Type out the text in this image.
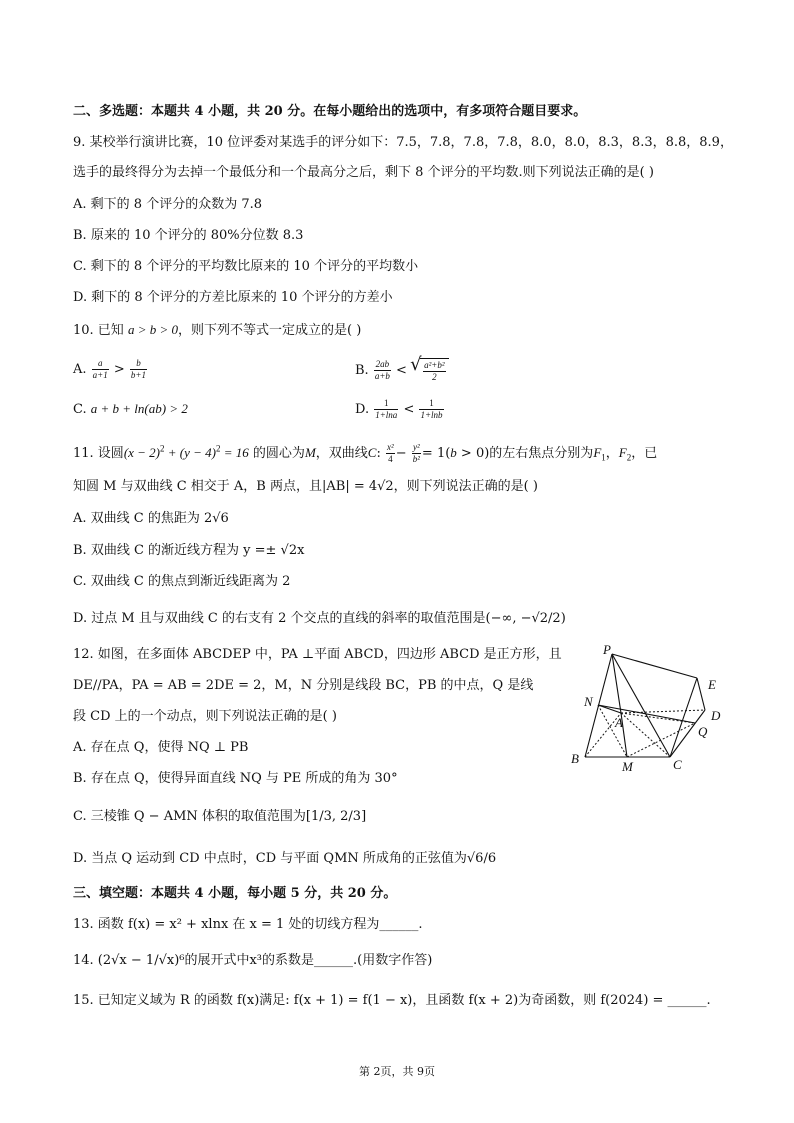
二、多选题：本题共 4 小题，共 20 分。在每小题给出的选项中，有多项符合题目要求。
9. 某校举行演讲比赛，10 位评委对某选手的评分如下：7.5，7.8，7.8，7.8，8.0，8.0，8.3，8.3，8.8，8.9，
选手的最终得分为去掉一个最低分和一个最高分之后，剩下 8 个评分的平均数.则下列说法正确的是( )
A. 剩下的 8 个评分的众数为 7.8
B. 原来的 10 个评分的 80%分位数 8.3
C. 剩下的 8 个评分的平均数比原来的 10 个评分的平均数小
D. 剩下的 8 个评分的方差比原来的 10 个评分的方差小
10. 已知 a > b > 0，则下列不等式一定成立的是( )
A. $\frac{a}{a+1} > \frac{b}{b+1}$	B. $\frac{2ab}{a+b}$ <
√ $\frac{\text{a²+b²}}{2}$
C. a + b + ln(ab) > 2	D. $\frac{1}{1+\ln a} < \frac{1}{1+\ln b}$
11. 设圆$(x - 2)^2 + (y - 4)^2 = 16$ 的圆心为M，双曲线C: $\frac{\text{x²}}{4} - \frac{\text{y²}}{\text{b²}} = 1(b > 0)$的左右焦点分别为$F_1$，$F_2$，已
知圆 M 与双曲线 C 相交于 A，B 两点，且|AB| = 4√2，则下列说法正确的是( )
A. 双曲线 C 的焦距为 2√6
B. 双曲线 C 的渐近线方程为 y =± √2x
C. 双曲线 C 的焦点到渐近线距离为 2
D. 过点 M 且与双曲线 C 的右支有 2 个交点的直线的斜率的取值范围是(−∞, −√2/2)
12. 如图，在多面体 ABCDEP 中，PA ⊥平面 ABCD，四边形 ABCD 是正方形，且
DE//PA，PA = AB = 2DE = 2，M，N 分别是线段 BC，PB 的中点，Q 是线
段 CD 上的一个动点，则下列说法正确的是( )
A. 存在点 Q，使得 NQ ⊥ PB
B. 存在点 Q，使得异面直线 NQ 与 PE 所成的角为 30°
C. 三棱锥 Q − AMN 体积的取值范围为[1/3, 2/3]
D. 当点 Q 运动到 CD 中点时，CD 与平面 QMN 所成角的正弦值为√6/6
P
E
N
A	D
Q
B
M	C
三、填空题：本题共 4 小题，每小题 5 分，共 20 分。
13. 函数 f(x) = x² + xlnx 在 x = 1 处的切线方程为______.
14. (2√x − 1/√x)⁶的展开式中x³的系数是______.(用数字作答)
15. 已知定义域为 R 的函数 f(x)满足: f(x + 1) = f(1 − x)，且函数 f(x + 2)为奇函数，则 f(2024) = ______.
第 2页，共 9页
